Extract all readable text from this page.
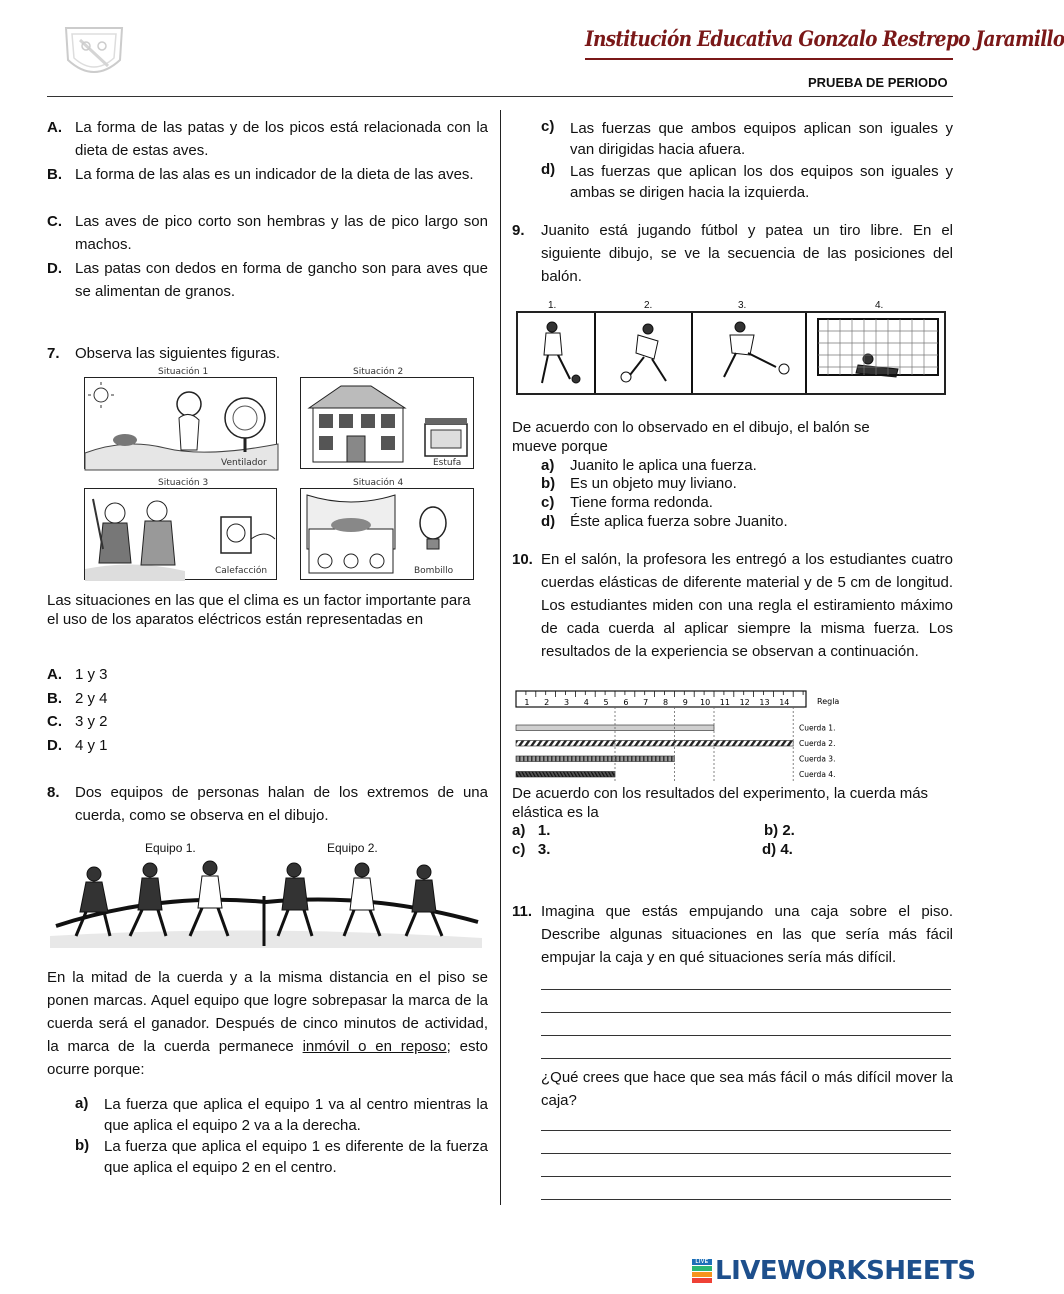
Institución Educativa Gonzalo Restrepo Jaramillo
PRUEBA DE PERIODO
A. La forma de las patas y de los picos está relacionada con la dieta de estas aves.
B. La forma de las alas es un indicador de la dieta de las aves.
C. Las aves de pico corto son hembras y las de pico largo son machos.
D. Las patas con dedos en forma de gancho son para aves que se alimentan de granos.
7. Observa las siguientes figuras.
Situación 1
Ventilador
Situación 2
Estufa
Situación 3
Calefacción
Situación 4
Bombillo
Las situaciones en las que el clima es un factor importante para el uso de los aparatos eléctricos están representadas en
A. 1 y 3
B. 2 y 4
C. 3 y 2
D. 4 y 1
8. Dos equipos de personas halan de los extremos de una cuerda, como se observa en el dibujo.
Equipo 1.	Equipo 2.
En la mitad de la cuerda y a la misma distancia en el piso se ponen marcas. Aquel equipo que logre sobrepasar la marca de la cuerda será el ganador. Después de cinco minutos de actividad, la marca de la cuerda permanece inmóvil o en reposo; esto ocurre porque:
a) La fuerza que aplica el equipo 1 va al centro mientras la que aplica el equipo 2 va a la derecha.
b) La fuerza que aplica el equipo 1 es diferente de la fuerza que aplica el equipo 2 en el centro.
c) Las fuerzas que ambos equipos aplican son iguales y van dirigidas hacia afuera.
d) Las fuerzas que aplican los dos equipos son iguales y ambas se dirigen hacia la izquierda.
9. Juanito está jugando fútbol y patea un tiro libre. En el siguiente dibujo, se ve la secuencia de las posiciones del balón.
1.	2.	3.	4.
De acuerdo con lo observado en el dibujo, el balón se mueve porque
a) Juanito le aplica una fuerza.
b) Es un objeto muy liviano.
c) Tiene forma redonda.
d) Éste aplica fuerza sobre Juanito.
10. En el salón, la profesora les entregó a los estudiantes cuatro cuerdas elásticas de diferente material y de 5 cm de longitud. Los estudiantes miden con una regla el estiramiento máximo de cada cuerda al aplicar siempre la misma fuerza. Los resultados de la experiencia se observan a continuación.
1 2 3 4 5 6 7 8 9 10 11 12 13 14
Cuerda 1.
Cuerda 2.
Cuerda 3.
Cuerda 4.
Regla
De acuerdo con los resultados del experimento, la cuerda más elástica es la
a) 1.	b) 2.
c) 3.	d) 4.
11. Imagina que estás empujando una caja sobre el piso. Describe algunas situaciones en las que sería más fácil empujar la caja y en qué situaciones sería más difícil.
¿Qué crees que hace que sea más fácil o más difícil mover la caja?
LIVE LIVEWORKSHEETS
